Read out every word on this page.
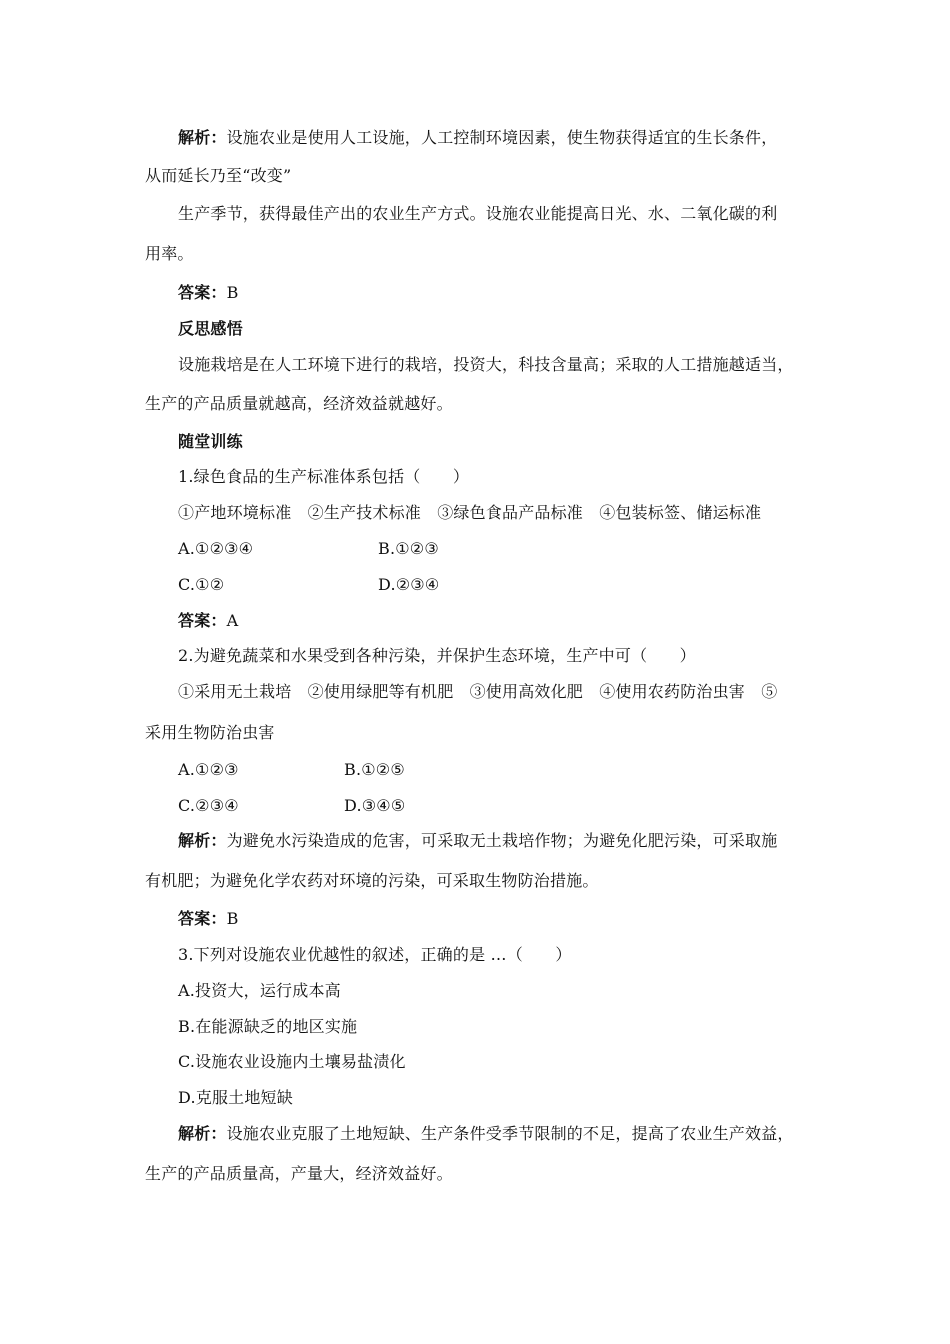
解析：设施农业是使用人工设施，人工控制环境因素，使生物获得适宜的生长条件，
从而延长乃至“改变”
生产季节，获得最佳产出的农业生产方式。设施农业能提高日光、水、二氧化碳的利
用率。
答案：B
反思感悟
设施栽培是在人工环境下进行的栽培，投资大，科技含量高；采取的人工措施越适当，
生产的产品质量就越高，经济效益就越好。
随堂训练
1.绿色食品的生产标准体系包括（　　）
①产地环境标准　②生产技术标准　③绿色食品产品标准　④包装标签、储运标准
A.①②③④	B.①②③
C.①②	D.②③④
答案：A
2.为避免蔬菜和水果受到各种污染，并保护生态环境，生产中可（　　）
①采用无土栽培　②使用绿肥等有机肥　③使用高效化肥　④使用农药防治虫害　⑤
采用生物防治虫害
A.①②③	B.①②⑤
C.②③④	D.③④⑤
解析：为避免水污染造成的危害，可采取无土栽培作物；为避免化肥污染，可采取施
有机肥；为避免化学农药对环境的污染，可采取生物防治措施。
答案：B
3.下列对设施农业优越性的叙述，正确的是 …（　　）
A.投资大，运行成本高
B.在能源缺乏的地区实施
C.设施农业设施内土壤易盐渍化
D.克服土地短缺
解析：设施农业克服了土地短缺、生产条件受季节限制的不足，提高了农业生产效益，
生产的产品质量高，产量大，经济效益好。
